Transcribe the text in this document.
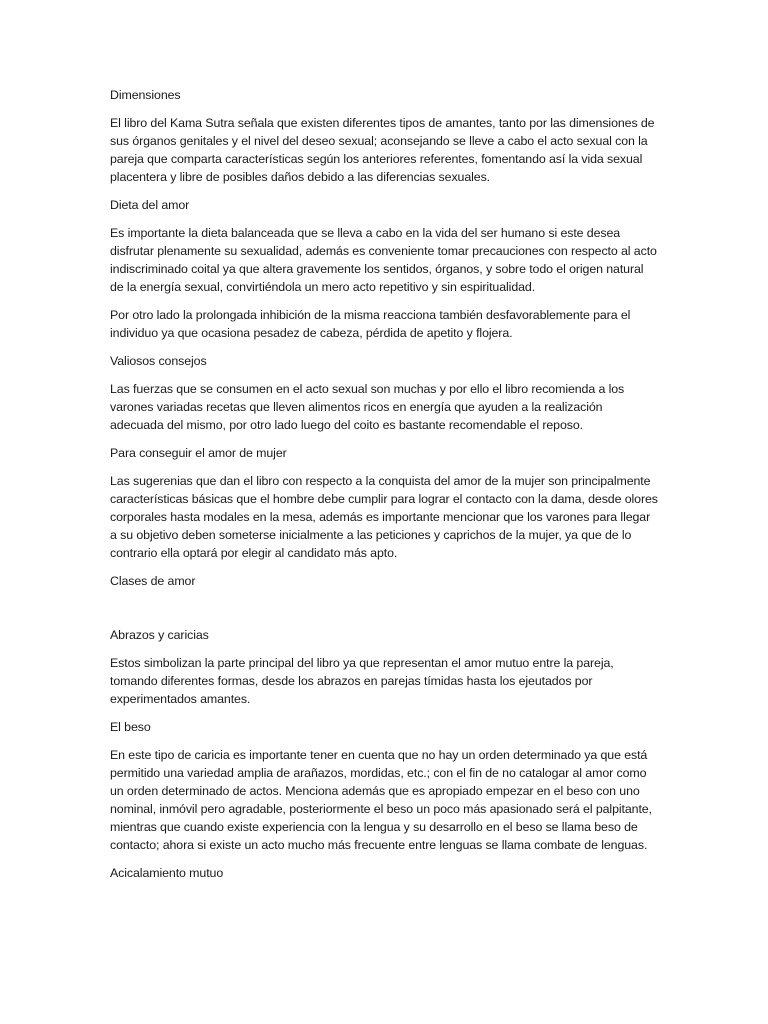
Dimensiones
El libro del Kama Sutra señala que existen diferentes tipos de amantes, tanto por las dimensiones de sus órganos genitales y el nivel del deseo sexual; aconsejando se lleve a cabo el acto sexual con la pareja que comparta características según los anteriores referentes, fomentando así la vida sexual placentera y libre de posibles daños debido a las diferencias sexuales.
Dieta del amor
Es importante la dieta balanceada que se lleva a cabo en la vida del ser humano si este desea disfrutar plenamente su sexualidad, además es conveniente tomar precauciones con respecto al acto indiscriminado coital ya que altera gravemente los sentidos, órganos, y sobre todo el origen natural de la energía sexual, convirtiéndola un mero acto repetitivo y sin espiritualidad.
Por otro lado la prolongada inhibición de la misma reacciona también desfavorablemente para el individuo ya que ocasiona pesadez de cabeza, pérdida de apetito y flojera.
Valiosos consejos
Las fuerzas que se consumen en el acto sexual son muchas y por ello el libro recomienda a los varones variadas recetas que lleven alimentos ricos en energía que ayuden a la realización adecuada del mismo, por otro lado luego del coito es bastante recomendable el reposo.
Para conseguir el amor de mujer
Las sugerenias que dan el libro con respecto a la conquista del amor de la mujer son principalmente características básicas que el hombre debe cumplir para lograr el contacto con la dama, desde olores corporales hasta modales en la mesa, además es importante mencionar que los varones para llegar a su objetivo deben someterse inicialmente a las peticiones y caprichos de la mujer, ya que de lo contrario ella optará por elegir al candidato más apto.
Clases de amor
Abrazos y caricias
Estos simbolizan la parte principal del libro ya que representan el amor mutuo entre la pareja, tomando diferentes formas, desde los abrazos en parejas tímidas hasta los ejeutados por experimentados amantes.
El beso
En este tipo de caricia es importante tener en cuenta que no hay un orden determinado ya que está permitido una variedad amplia de arañazos, mordidas, etc.; con el fin de no catalogar al amor como un orden determinado de actos. Menciona además que es apropiado empezar en el beso con uno nominal, inmóvil pero agradable, posteriormente el beso un poco más apasionado será el palpitante, mientras que cuando existe experiencia con la lengua y su desarrollo en el beso se llama beso de contacto; ahora si existe un acto mucho más frecuente entre lenguas se llama combate de lenguas.
Acicalamiento mutuo
